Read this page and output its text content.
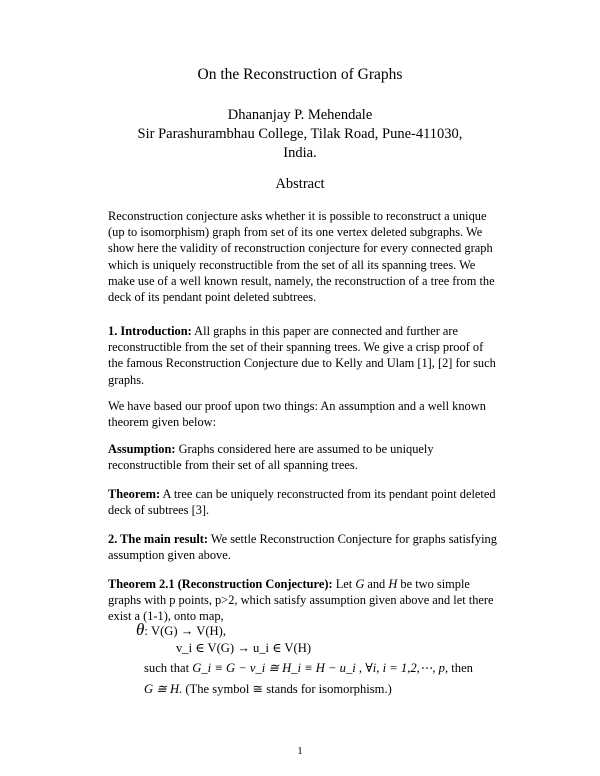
On the Reconstruction of Graphs
Dhananjay P. Mehendale
Sir Parashurambhau College, Tilak Road, Pune-411030,
India.
Abstract
Reconstruction conjecture asks whether it is possible to reconstruct a unique (up to isomorphism) graph from set of its one vertex deleted subgraphs. We show here the validity of reconstruction conjecture for every connected graph which is uniquely reconstructible from the set of all its spanning trees. We make use of a well known result, namely, the reconstruction of a tree from the deck of its pendant point deleted subtrees.
1. Introduction: All graphs in this paper are connected and further are reconstructible from the set of their spanning trees. We give a crisp proof of the famous Reconstruction Conjecture due to Kelly and Ulam [1], [2] for such graphs.
We have based our proof upon two things: An assumption and a well known theorem given below:
Assumption: Graphs considered here are assumed to be uniquely reconstructible from their set of all spanning trees.
Theorem: A tree can be uniquely reconstructed from its pendant point deleted deck of subtrees [3].
2. The main result: We settle Reconstruction Conjecture for graphs satisfying assumption given above.
Theorem 2.1 (Reconstruction Conjecture): Let G and H be two simple graphs with p points, p>2, which satisfy assumption given above and let there exist a (1-1), onto map,
θ: V(G) → V(H),
v_i ∈ V(G) → u_i ∈ V(H)
such that G_i ≡ G − v_i ≅ H_i ≡ H − u_i , ∀i, i = 1,2,⋯, p, then
G ≅ H. (The symbol ≅ stands for isomorphism.)
1
